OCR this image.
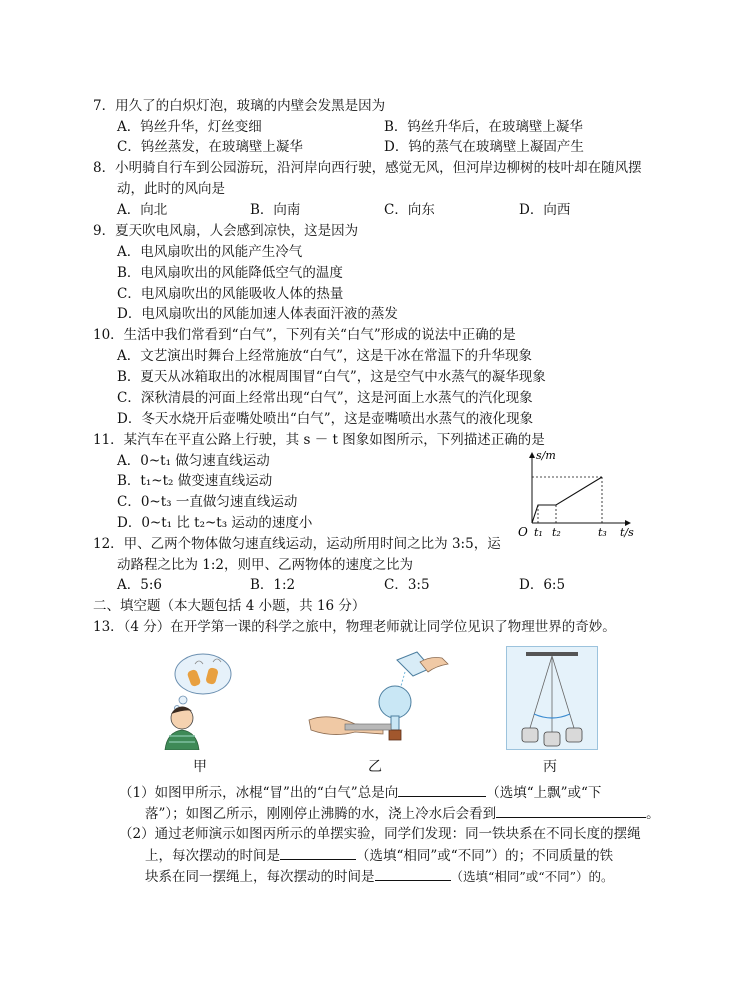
7．用久了的白炽灯泡，玻璃的内壁会发黑是因为
A．钨丝升华，灯丝变细	B．钨丝升华后，在玻璃壁上凝华
C．钨丝蒸发，在玻璃壁上凝华	D．钨的蒸气在玻璃壁上凝固产生
8．小明骑自行车到公园游玩，沿河岸向西行驶，感觉无风，但河岸边柳树的枝叶却在随风摆
动，此时的风向是
A．向北	B．向南	C．向东	D．向西
9．夏天吹电风扇，人会感到凉快，这是因为
A．电风扇吹出的风能产生冷气
B．电风扇吹出的风能降低空气的温度
C．电风扇吹出的风能吸收人体的热量
D．电风扇吹出的风能加速人体表面汗液的蒸发
10．生活中我们常看到“白气”，下列有关“白气”形成的说法中正确的是
A．文艺演出时舞台上经常施放“白气”，这是干冰在常温下的升华现象
B．夏天从冰箱取出的冰棍周围冒“白气”，这是空气中水蒸气的凝华现象
C．深秋清晨的河面上经常出现“白气”，这是河面上水蒸气的汽化现象
D．冬天水烧开后壶嘴处喷出“白气”，这是壶嘴喷出水蒸气的液化现象
11．某汽车在平直公路上行驶，其 s － t 图象如图所示，下列描述正确的是
A．0~t₁ 做匀速直线运动
B．t₁~t₂ 做变速直线运动
C．0~t₃ 一直做匀速直线运动
D．0~t₁ 比 t₂~t₃ 运动的速度小
s/m
t/s
O t₁ t₂	t₃
12．甲、乙两个物体做匀速直线运动，运动所用时间之比为 3:5，运
动路程之比为 1:2，则甲、乙两物体的速度之比为
A．5:6	B．1:2	C．3:5	D．6:5
二、填空题（本大题包括 4 小题，共 16 分）
13．（4 分）在开学第一课的科学之旅中，物理老师就让同学位见识了物理世界的奇妙。
甲	乙	丙
（1）如图甲所示，冰棍“冒”出的“白气”总是向	（选填“上飘”或“下
落”）；如图乙所示，刚刚停止沸腾的水，浇上冷水后会看到	。
（2）通过老师演示如图丙所示的单摆实验，同学们发现：同一铁块系在不同长度的摆绳
上，每次摆动的时间是	（选填“相同”或“不同”）的；不同质量的铁
块系在同一摆绳上，每次摆动的时间是	（选填“相同”或“不同”）的。
